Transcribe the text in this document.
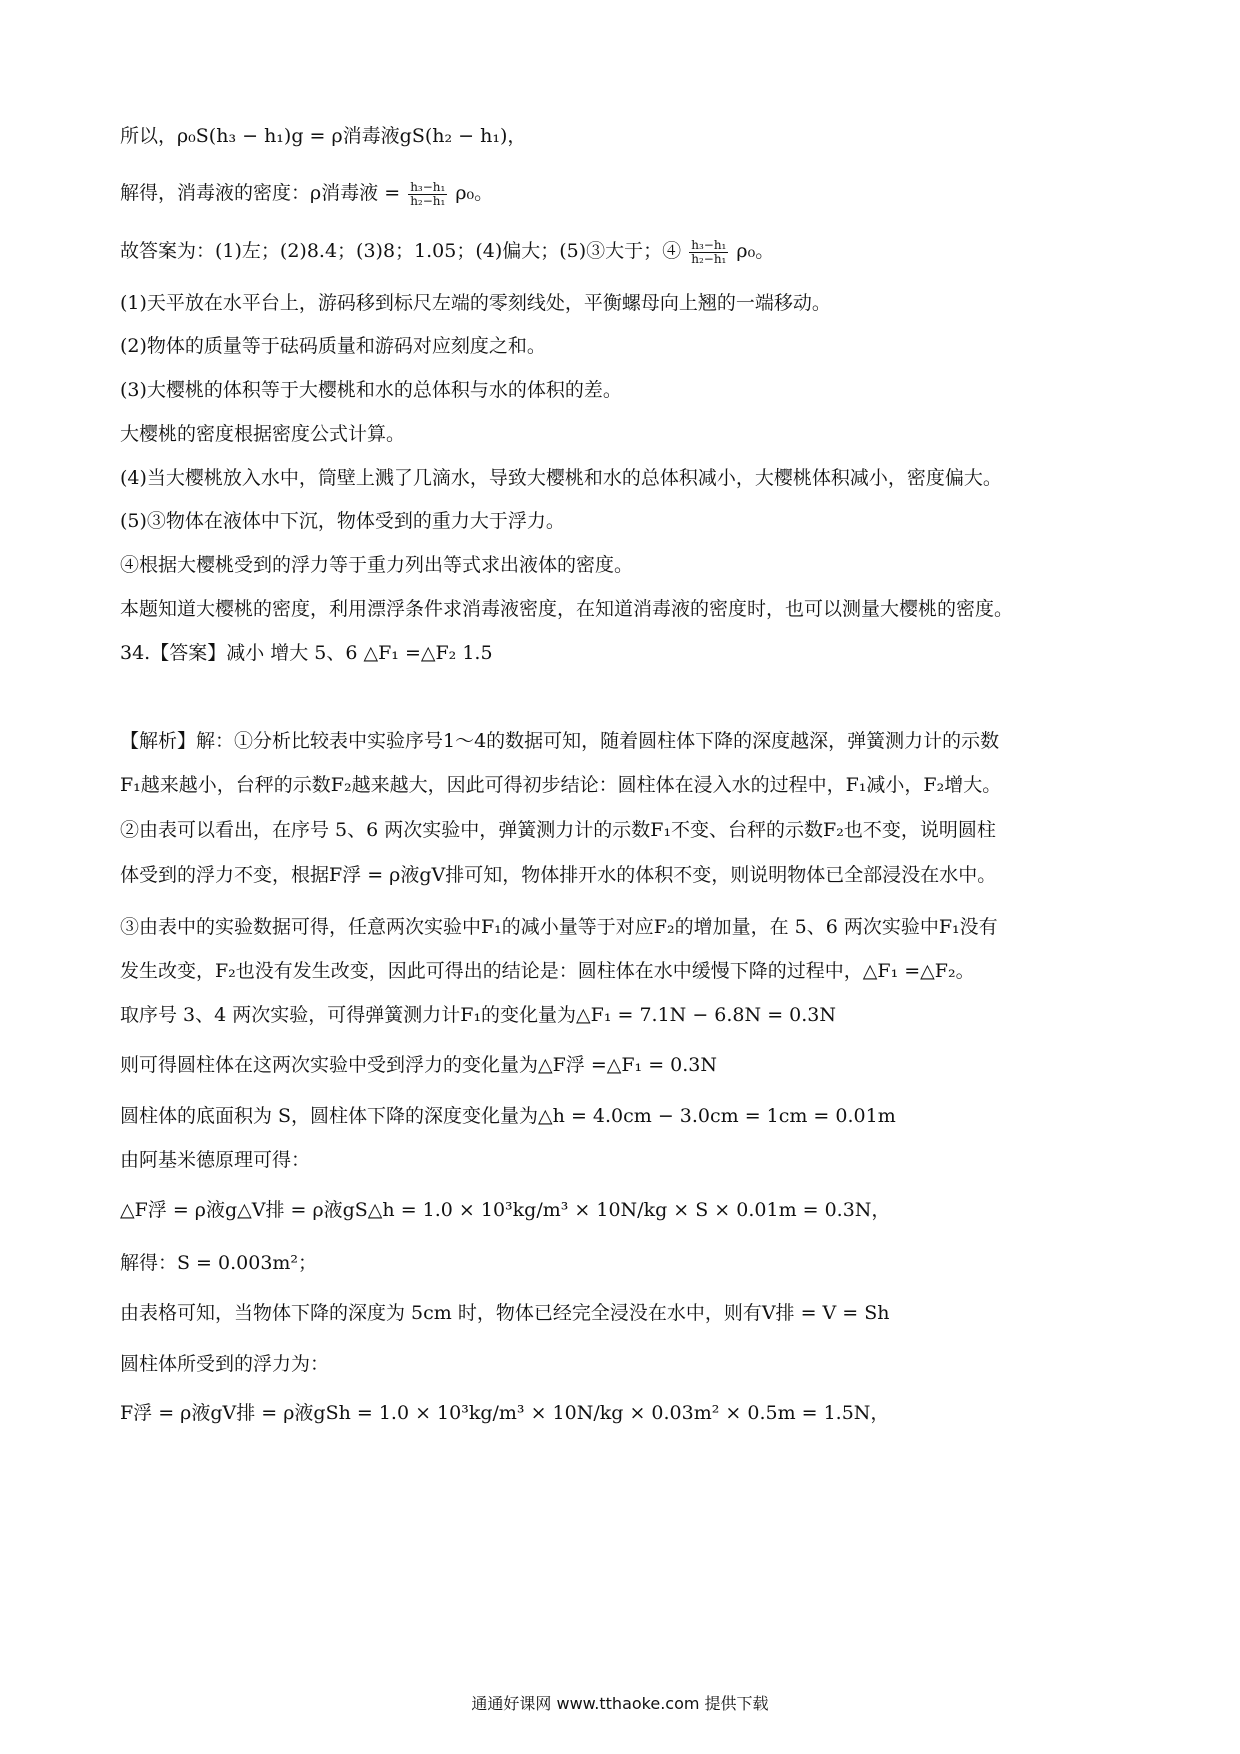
所以，ρ₀S(h₃ − h₁)g = ρ消毒液gS(h₂ − h₁)，
解得，消毒液的密度：ρ消毒液 = $\frac{\text{h₃−h₁}}{\text{h₂−h₁}} \rho_0$。
故答案为：(1)左；(2)8.4；(3)8；1.05；(4)偏大；(5)③大于；④ $\frac{\text{h₃−h₁}}{\text{h₂−h₁}} \rho_0$。
(1)天平放在水平台上，游码移到标尺左端的零刻线处，平衡螺母向上翘的一端移动。
(2)物体的质量等于砝码质量和游码对应刻度之和。
(3)大樱桃的体积等于大樱桃和水的总体积与水的体积的差。
大樱桃的密度根据密度公式计算。
(4)当大樱桃放入水中，筒壁上溅了几滴水，导致大樱桃和水的总体积减小，大樱桃体积减小，密度偏大。
(5)③物体在液体中下沉，物体受到的重力大于浮力。
④根据大樱桃受到的浮力等于重力列出等式求出液体的密度。
本题知道大樱桃的密度，利用漂浮条件求消毒液密度，在知道消毒液的密度时，也可以测量大樱桃的密度。
34.【答案】减小 增大 5、6 △F₁ =△F₂ 1.5
【解析】解：①分析比较表中实验序号1～4的数据可知，随着圆柱体下降的深度越深，弹簧测力计的示数
F₁越来越小，台秤的示数F₂越来越大，因此可得初步结论：圆柱体在浸入水的过程中，F₁减小，F₂增大。
②由表可以看出，在序号 5、6 两次实验中，弹簧测力计的示数F₁不变、台秤的示数F₂也不变，说明圆柱
体受到的浮力不变，根据F浮 = ρ液gV排可知，物体排开水的体积不变，则说明物体已全部浸没在水中。
③由表中的实验数据可得，任意两次实验中F₁的减小量等于对应F₂的增加量，在 5、6 两次实验中F₁没有
发生改变，F₂也没有发生改变，因此可得出的结论是：圆柱体在水中缓慢下降的过程中，△F₁ =△F₂。
取序号 3、4 两次实验，可得弹簧测力计F₁的变化量为△F₁ = 7.1N − 6.8N = 0.3N
则可得圆柱体在这两次实验中受到浮力的变化量为△F浮 =△F₁ = 0.3N
圆柱体的底面积为 S，圆柱体下降的深度变化量为△h = 4.0cm − 3.0cm = 1cm = 0.01m
由阿基米德原理可得：
△F浮 = ρ液g△V排 = ρ液gS△h = 1.0 × 10³kg/m³ × 10N/kg × S × 0.01m = 0.3N，
解得：S = 0.003m²；
由表格可知，当物体下降的深度为 5cm 时，物体已经完全浸没在水中，则有V排 = V = Sh
圆柱体所受到的浮力为：
F浮 = ρ液gV排 = ρ液gSh = 1.0 × 10³kg/m³ × 10N/kg × 0.03m² × 0.5m = 1.5N，
通通好课网 www.tthaoke.com 提供下载
